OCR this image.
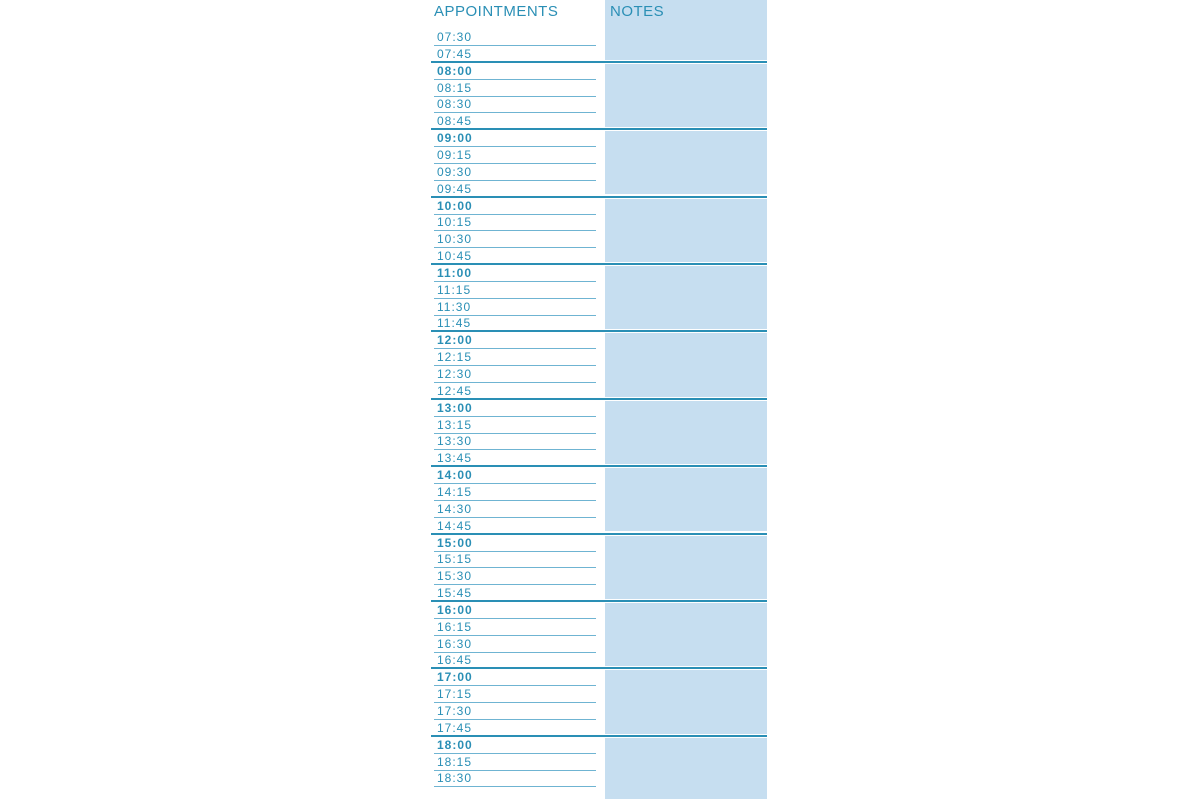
APPOINTMENTS	NOTES
07:30
07:45
08:00
08:15
08:30
08:45
09:00
09:15
09:30
09:45
10:00
10:15
10:30
10:45
11:00
11:15
11:30
11:45
12:00
12:15
12:30
12:45
13:00
13:15
13:30
13:45
14:00
14:15
14:30
14:45
15:00
15:15
15:30
15:45
16:00
16:15
16:30
16:45
17:00
17:15
17:30
17:45
18:00
18:15
18:30
